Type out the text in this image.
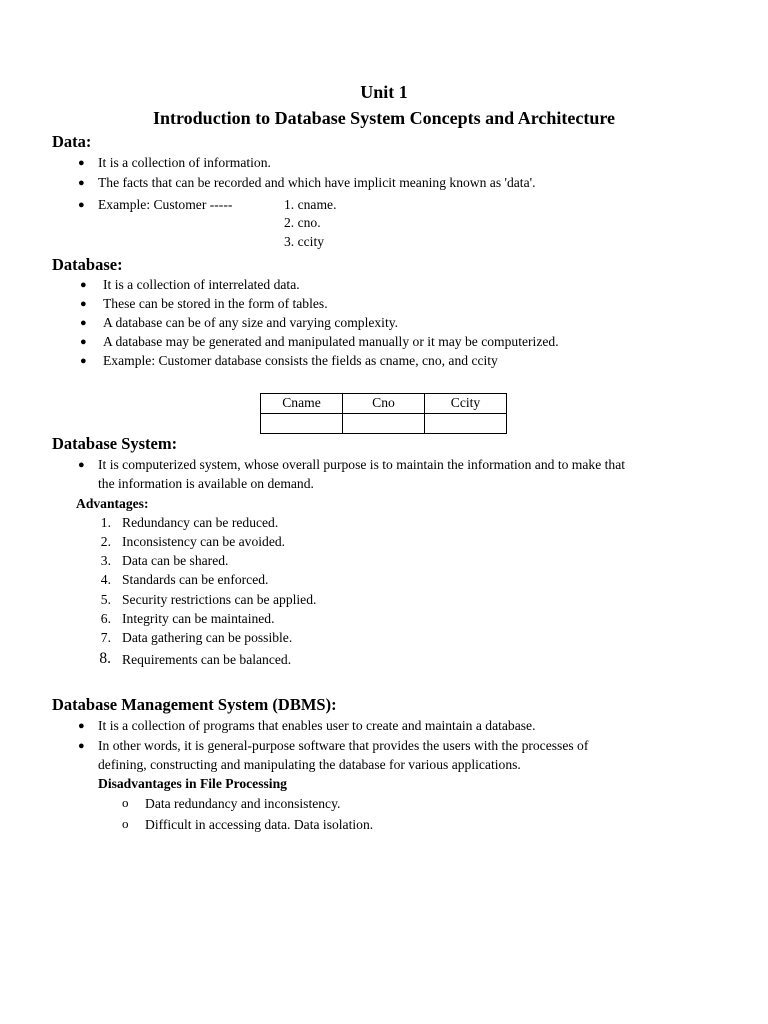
Unit 1
Introduction to Database System Concepts and Architecture
Data:
● It is a collection of information.
● The facts that can be recorded and which have implicit meaning known as 'data'.
● Example: Customer -----	1. cname.
2. cno.
3. ccity
Database:
● It is a collection of interrelated data.
● These can be stored in the form of tables.
● A database can be of any size and varying complexity.
● A database may be generated and manipulated manually or it may be computerized.
● Example: Customer database consists the fields as cname, cno, and ccity
Cname	Cno	Ccity

Database System:
● It is computerized system, whose overall purpose is to maintain the information and to make that
the information is available on demand.
Advantages:
1. Redundancy can be reduced.
2. Inconsistency can be avoided.
3. Data can be shared.
4. Standards can be enforced.
5. Security restrictions can be applied.
6. Integrity can be maintained.
7. Data gathering can be possible.
8. Requirements can be balanced.
Database Management System (DBMS):
● It is a collection of programs that enables user to create and maintain a database.
● In other words, it is general-purpose software that provides the users with the processes of
defining, constructing and manipulating the database for various applications.
Disadvantages in File Processing
o Data redundancy and inconsistency.
o Difficult in accessing data. Data isolation.
